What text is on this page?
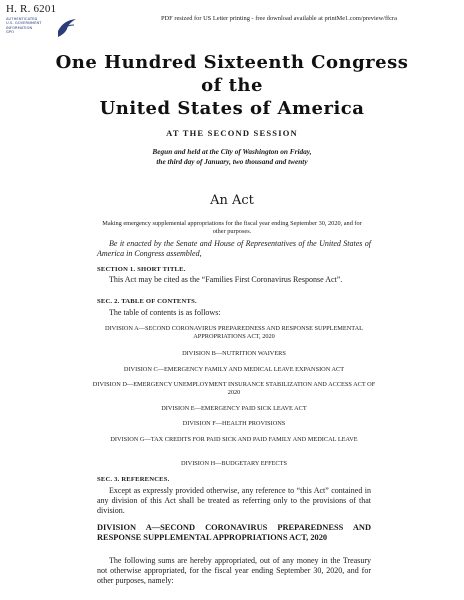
H. R. 6201
AUTHENTICATED
U.S. GOVERNMENT
INFORMATION
GPO
PDF resized for US Letter printing - free download available at printMe1.com/preview/ffcra
One Hundred Sixteenth Congress
of the
United States of America
AT THE SECOND SESSION
Begun and held at the City of Washington on Friday,
the third day of January, two thousand and twenty
An Act
Making emergency supplemental appropriations for the fiscal year ending September 30, 2020, and for other purposes.
Be it enacted by the Senate and House of Representatives of the United States of America in Congress assembled,
SECTION 1. SHORT TITLE.
This Act may be cited as the “Families First Coronavirus Response Act”.
SEC. 2. TABLE OF CONTENTS.
The table of contents is as follows:
DIVISION A—SECOND CORONAVIRUS PREPAREDNESS AND RESPONSE SUPPLEMENTAL APPROPRIATIONS ACT, 2020
DIVISION B—NUTRITION WAIVERS
DIVISION C—EMERGENCY FAMILY AND MEDICAL LEAVE EXPANSION ACT
DIVISION D—EMERGENCY UNEMPLOYMENT INSURANCE STABILIZATION AND ACCESS ACT OF 2020
DIVISION E—EMERGENCY PAID SICK LEAVE ACT
DIVISION F—HEALTH PROVISIONS
DIVISION G—TAX CREDITS FOR PAID SICK AND PAID FAMILY AND MEDICAL LEAVE
DIVISION H—BUDGETARY EFFECTS
SEC. 3. REFERENCES.
Except as expressly provided otherwise, any reference to “this Act” contained in any division of this Act shall be treated as referring only to the provisions of that division.
DIVISION A—SECOND CORONAVIRUS PREPAREDNESS AND RESPONSE SUPPLEMENTAL APPROPRIATIONS ACT, 2020
The following sums are hereby appropriated, out of any money in the Treasury not otherwise appropriated, for the fiscal year ending September 30, 2020, and for other purposes, namely:
